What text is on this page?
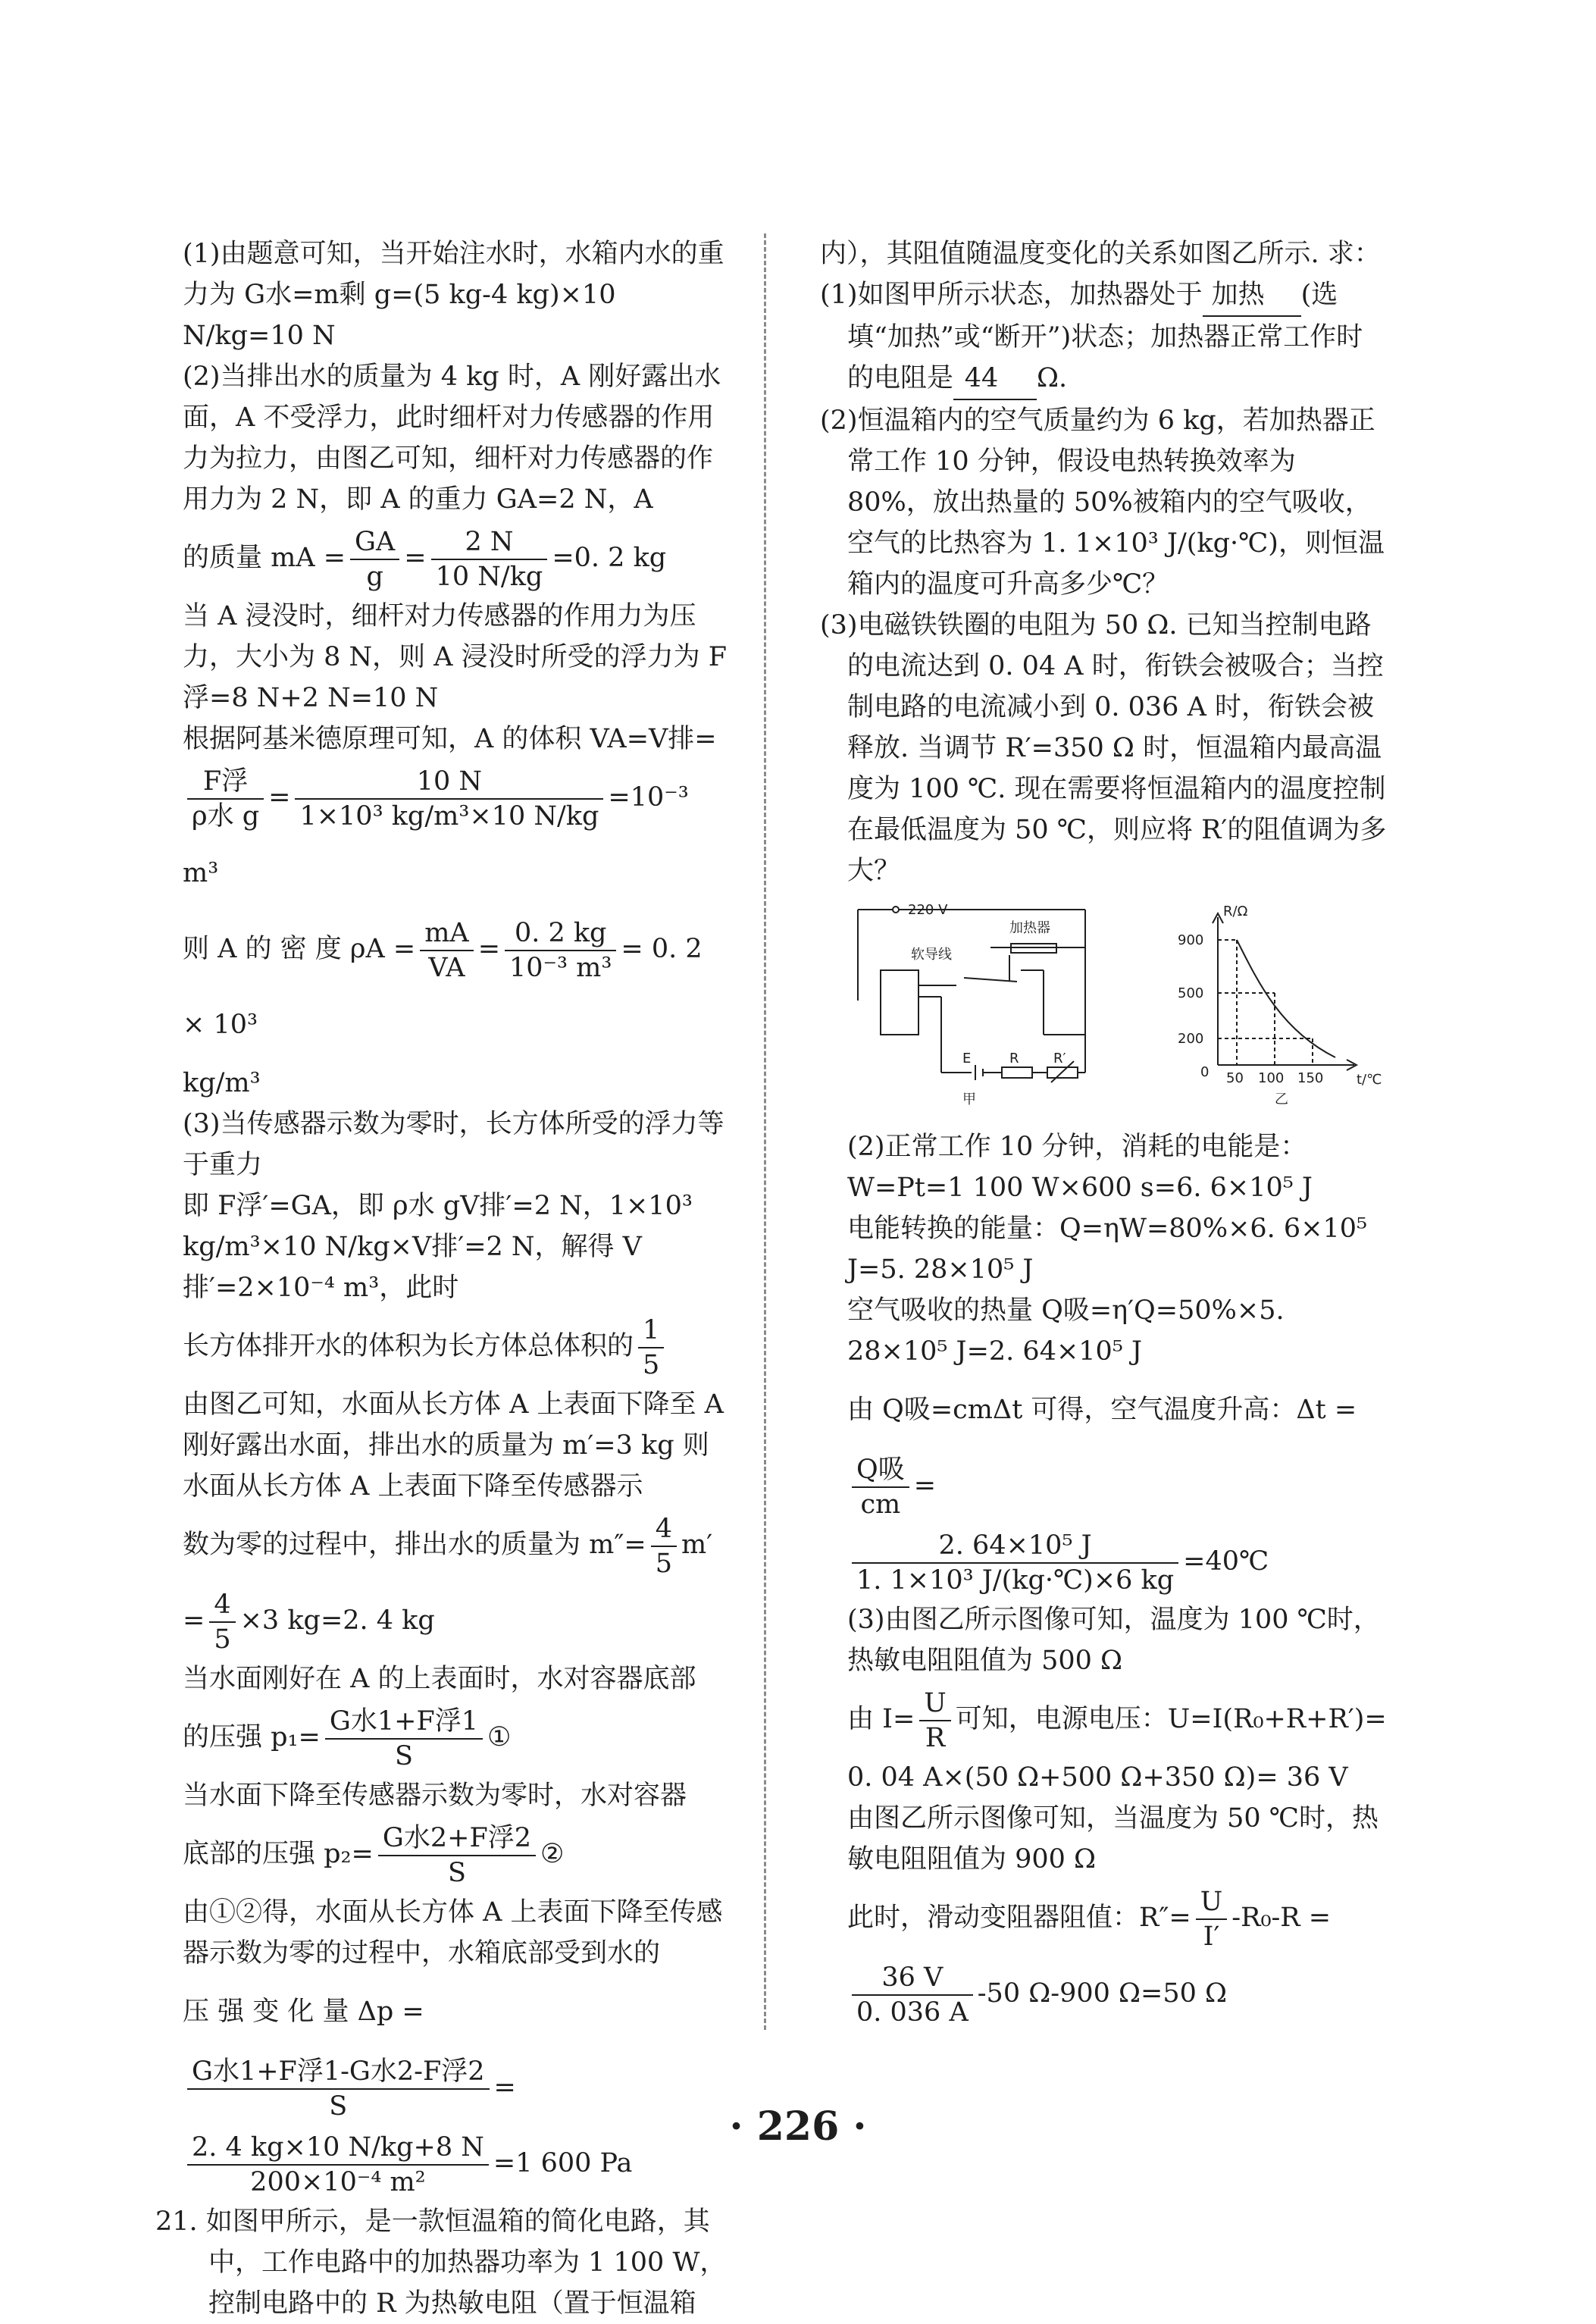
(1)由题意可知，当开始注水时，水箱内水的重力为 G水=m剩 g=(5 kg-4 kg)×10 N/kg=10 N

(2)当排出水的质量为 4 kg 时，A 刚好露出水面，A 不受浮力，此时细杆对力传感器的作用力为拉力，由图乙可知，细杆对力传感器的作用力为 2 N，即 A 的重力 GA=2 N，A

的质量 mA = $\frac{GA}{g} = \frac{2 N}{10 N/kg} =0$. 2 kg

当 A 浸没时，细杆对力传感器的作用力为压力，大小为 8 N，则 A 浸没时所受的浮力为 F浮=8 N+2 N=10 N

根据阿基米德原理可知，A 的体积 VA=V排=

F浮
ρ水 g
= $\frac{10 N}{\text{1×10³ kg/m³×10 N/kg}} =10^{-3}$ m³

则 A 的 密 度 $\rho A = \frac{mA}{VA} = \frac{0. 2 kg}{\text{10⁻³ m³}} = 0$. 2 × 10³

kg/m³

(3)当传感器示数为零时，长方体所受的浮力等于重力

即 F浮′=GA，即 ρ水 gV排′=2 N，1×10³ kg/m³×10 N/kg×V排′=2 N，解得 V排′=2×10⁻⁴ m³，此时

长方体排开水的体积为长方体总体积的 $\frac{1}{5}$

由图乙可知，水面从长方体 A 上表面下降至 A 刚好露出水面，排出水的质量为 m′=3 kg 则水面从长方体 A 上表面下降至传感器示

数为零的过程中，排出水的质量为 $m''= \frac{4}{5} m'$

= $\frac{4}{5} \times 3$ kg=2. 4 kg

当水面刚好在 A 的上表面时，水对容器底部

的压强 p₁=
G水1+F浮1
S
①

当水面下降至传感器示数为零时，水对容器

底部的压强 p₂=
G水2+F浮2
S
②

由①②得，水面从长方体 A 上表面下降至传感器示数为零的过程中，水箱底部受到水的

压 强 变 化 量 Δp =
G水1+F浮1-G水2-F浮2
S
=

$\frac{2. 4 kg\times 10 N/kg+8 N}{\text{200×10⁻⁴ m²}} =1$ 600 Pa

21. 如图甲所示，是一款恒温箱的简化电路，其中，工作电路中的加热器功率为 1 100 W，控制电路中的 R 为热敏电阻（置于恒温箱

内），其阻值随温度变化的关系如图乙所示. 求：

(1)如图甲所示状态，加热器处于 加热 (选填“加热”或“断开”)状态；加热器正常工作时的电阻是 44 Ω.

(2)恒温箱内的空气质量约为 6 kg，若加热器正常工作 10 分钟，假设电热转换效率为 80%，放出热量的 50%被箱内的空气吸收，空气的比热容为 1. 1×10³ J/(kg·℃)，则恒温箱内的温度可升高多少℃？

(3)电磁铁铁圈的电阻为 50 Ω. 已知当控制电路的电流达到 0. 04 A 时，衔铁会被吸合；当控制电路的电流减小到 0. 036 A 时，衔铁会被释放. 当调节 R′=350 Ω 时，恒温箱内最高温度为 100 ℃. 现在需要将恒温箱内的温度控制在最低温度为 50 ℃，则应将 R′的阻值调为多大？

220 V
加热器
软导线
E	R	R′
甲
R/Ω
900
500
200
0 50 100 150 t/℃
乙

(2)正常工作 10 分钟，消耗的电能是：W=Pt=1 100 W×600 s=6. 6×10⁵ J

电能转换的能量：Q=ηW=80%×6. 6×10⁵ J=5. 28×10⁵ J

空气吸收的热量 Q吸=η′Q=50%×5. 28×10⁵ J=2. 64×10⁵ J

由 Q吸=cmΔt 可得，空气温度升高：Δt =
Q吸
cm
=

$\frac{\text{2. 64×10⁵ J}}{\text{1. 1×10³ J/(kg·℃)×6 kg}}$ =40℃

(3)由图乙所示图像可知，温度为 100 ℃时，热敏电阻阻值为 500 Ω

由 $I= \frac{U}{R}$ 可知，电源电压：U=I(R₀+R+R′)=

0. 04 A×(50 Ω+500 Ω+350 Ω)= 36 V

由图乙所示图像可知，当温度为 50 ℃时，热敏电阻阻值为 900 Ω

此时，滑动变阻器阻值：$R''= \frac{U}{I'} -R_0-R$ =

$\frac{36 V}{0. 036 A} -50$ Ω-900 Ω=50 Ω

· 226 ·
